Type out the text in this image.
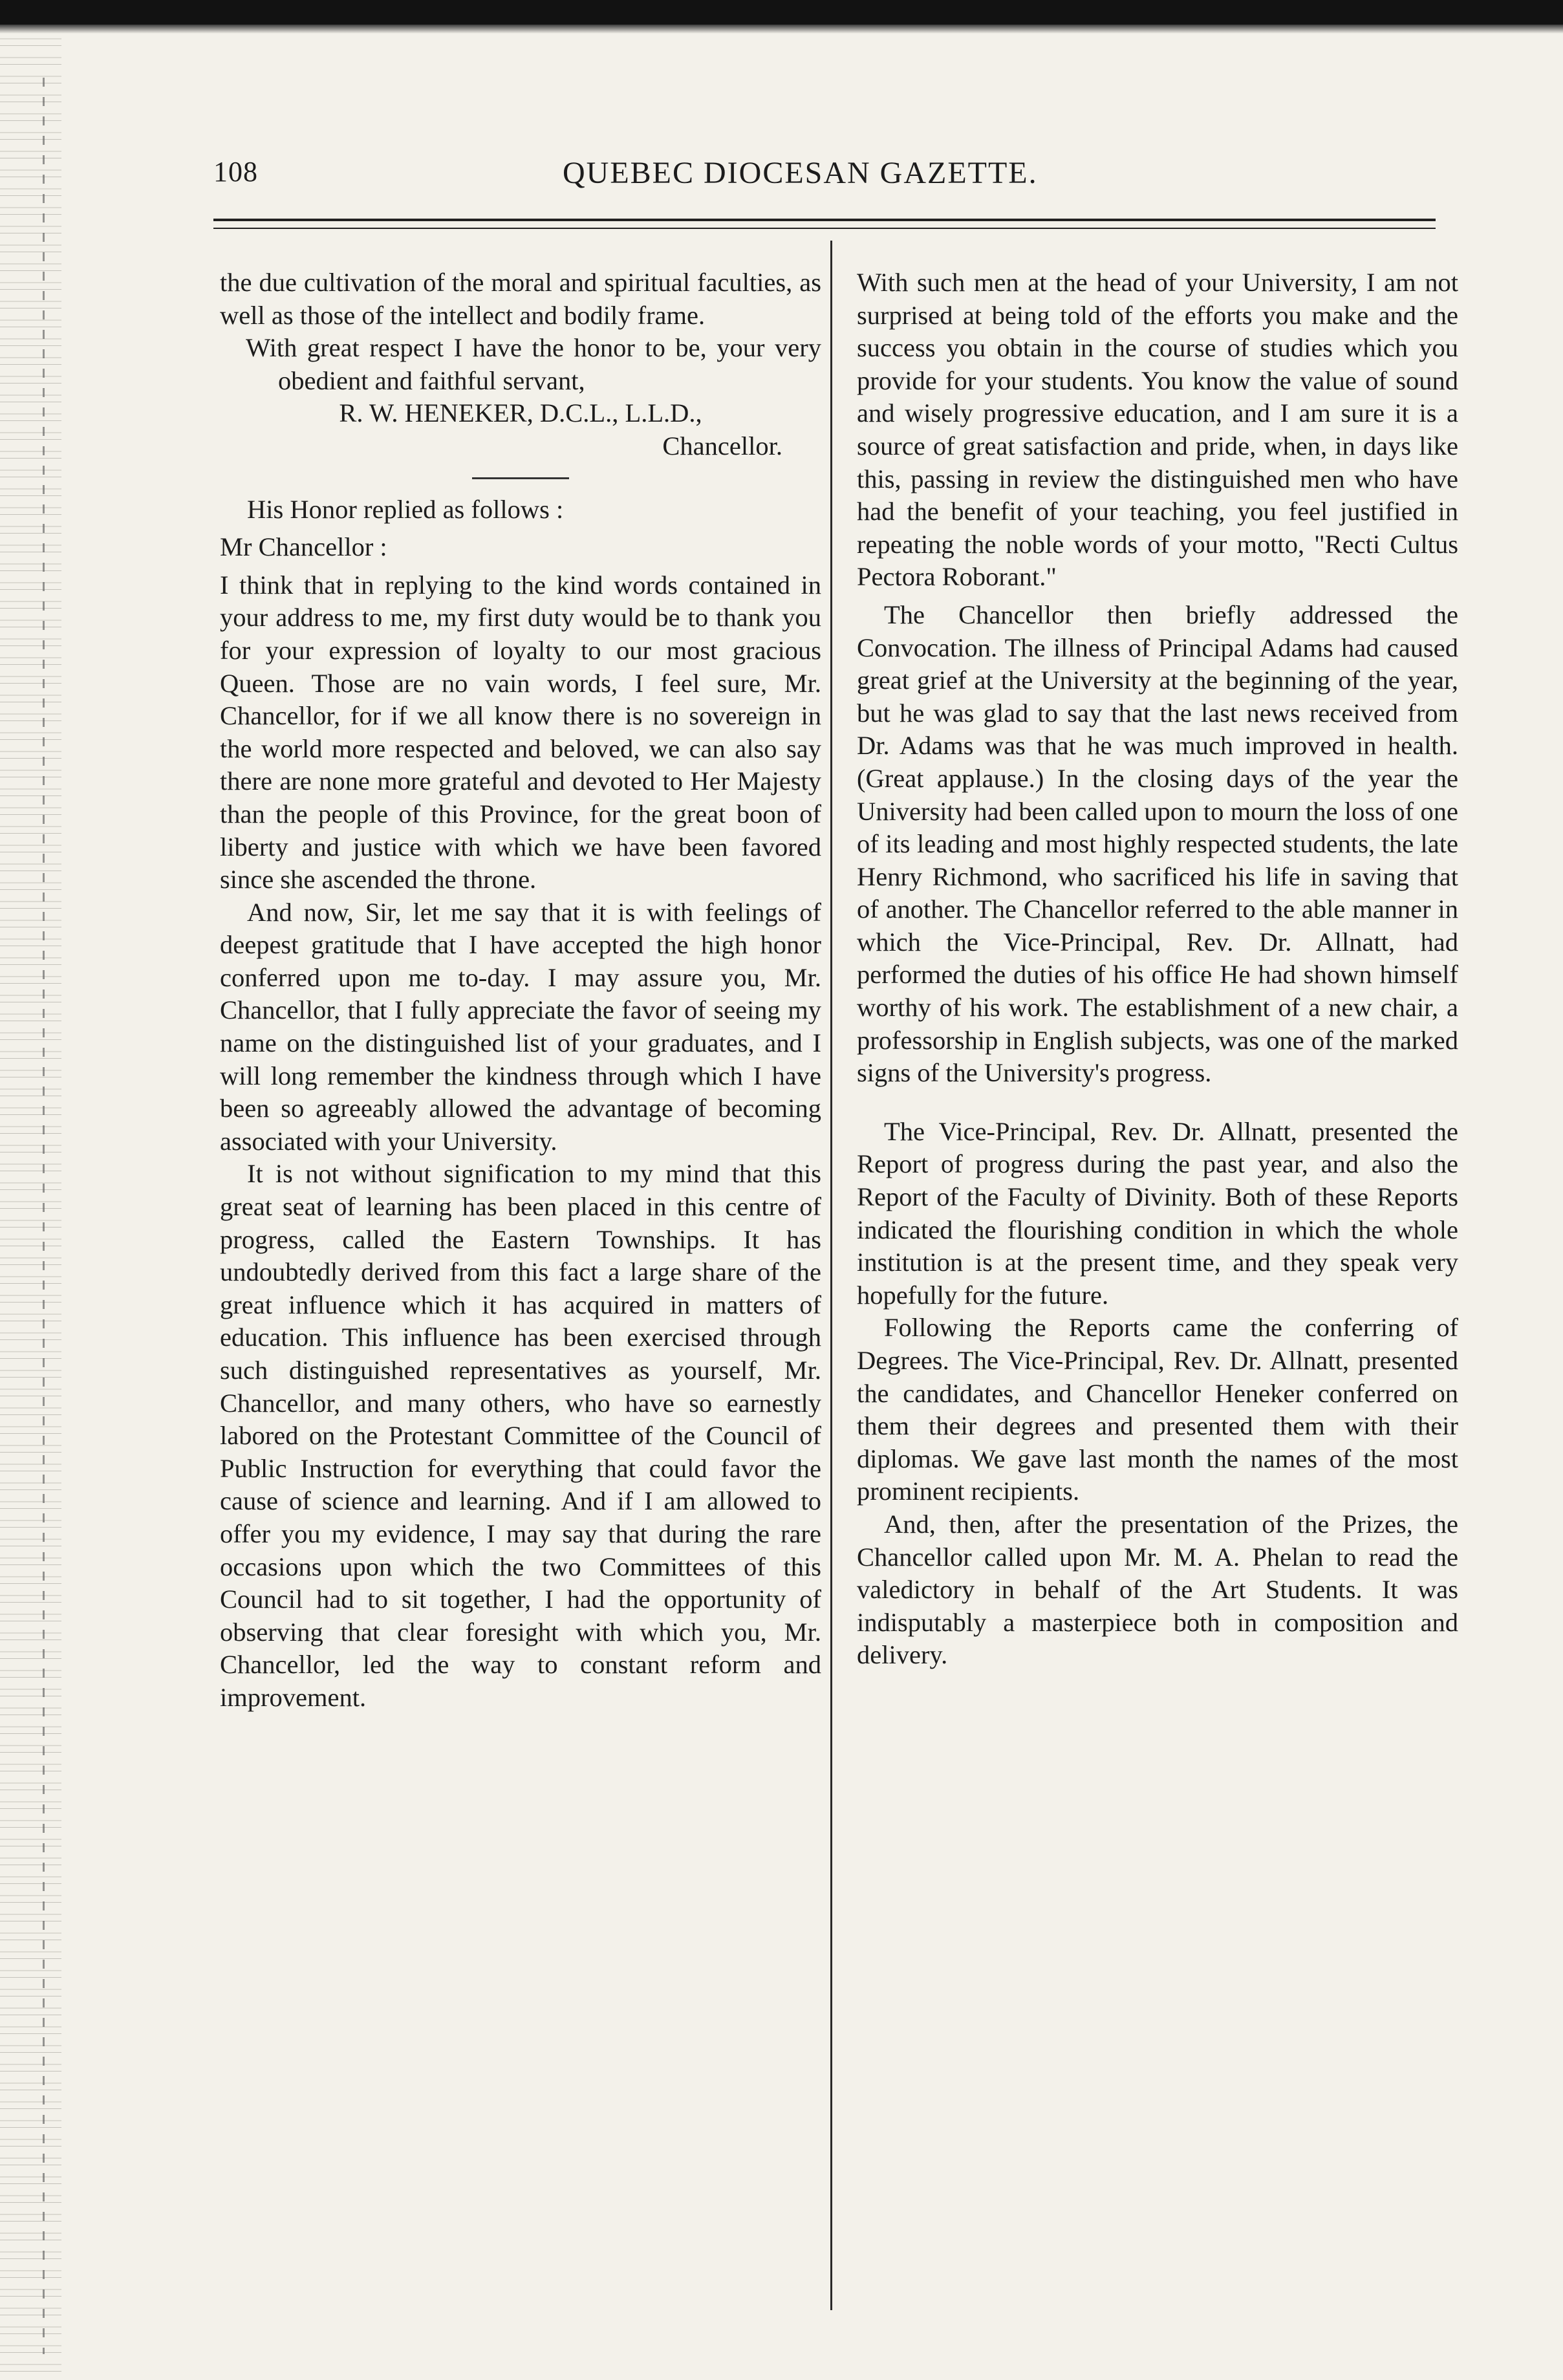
108	QUEBEC DIOCESAN GAZETTE.

the due cultivation of the moral and spiritual faculties, as well as those of the intellect and bodily frame.

With great respect I have the honor to be, your very obedient and faithful servant,

R. W. HENEKER, D.C.L., L.L.D.,

Chancellor.

His Honor replied as follows :

Mr Chancellor :

I think that in replying to the kind words contained in your address to me, my first duty would be to thank you for your expression of loyalty to our most gracious Queen. Those are no vain words, I feel sure, Mr. Chancellor, for if we all know there is no sovereign in the world more respected and beloved, we can also say there are none more grateful and devoted to Her Majesty than the people of this Province, for the great boon of liberty and justice with which we have been favored since she ascended the throne.

And now, Sir, let me say that it is with feelings of deepest gratitude that I have accepted the high honor conferred upon me to-day. I may assure you, Mr. Chancellor, that I fully appreciate the favor of seeing my name on the distinguished list of your graduates, and I will long remember the kindness through which I have been so agreeably allowed the advantage of becoming associated with your University.

It is not without signification to my mind that this great seat of learning has been placed in this centre of progress, called the Eastern Townships. It has undoubtedly derived from this fact a large share of the great influence which it has acquired in matters of education. This influence has been exercised through such distinguished representatives as yourself, Mr. Chancellor, and many others, who have so earnestly labored on the Protestant Committee of the Council of Public Instruction for everything that could favor the cause of science and learning. And if I am allowed to offer you my evidence, I may say that during the rare occasions upon which the two Committees of this Council had to sit together, I had the opportunity of observing that clear foresight with which you, Mr. Chancellor, led the way to constant reform and improvement.

With such men at the head of your University, I am not surprised at being told of the efforts you make and the success you obtain in the course of studies which you provide for your students. You know the value of sound and wisely progressive education, and I am sure it is a source of great satisfaction and pride, when, in days like this, passing in review the distinguished men who have had the benefit of your teaching, you feel justified in repeating the noble words of your motto, "Recti Cultus Pectora Roborant."

The Chancellor then briefly addressed the Convocation. The illness of Principal Adams had caused great grief at the University at the beginning of the year, but he was glad to say that the last news received from Dr. Adams was that he was much improved in health. (Great applause.) In the closing days of the year the University had been called upon to mourn the loss of one of its leading and most highly respected students, the late Henry Richmond, who sacrificed his life in saving that of another. The Chancellor referred to the able manner in which the Vice-Principal, Rev. Dr. Allnatt, had performed the duties of his office He had shown himself worthy of his work. The establishment of a new chair, a professorship in English subjects, was one of the marked signs of the University's progress.

The Vice-Principal, Rev. Dr. Allnatt, presented the Report of progress during the past year, and also the Report of the Faculty of Divinity. Both of these Reports indicated the flourishing condition in which the whole institution is at the present time, and they speak very hopefully for the future.

Following the Reports came the conferring of Degrees. The Vice-Principal, Rev. Dr. Allnatt, presented the candidates, and Chancellor Heneker conferred on them their degrees and presented them with their diplomas. We gave last month the names of the most prominent recipients.

And, then, after the presentation of the Prizes, the Chancellor called upon Mr. M. A. Phelan to read the valedictory in behalf of the Art Students. It was indisputably a masterpiece both in composition and delivery.
